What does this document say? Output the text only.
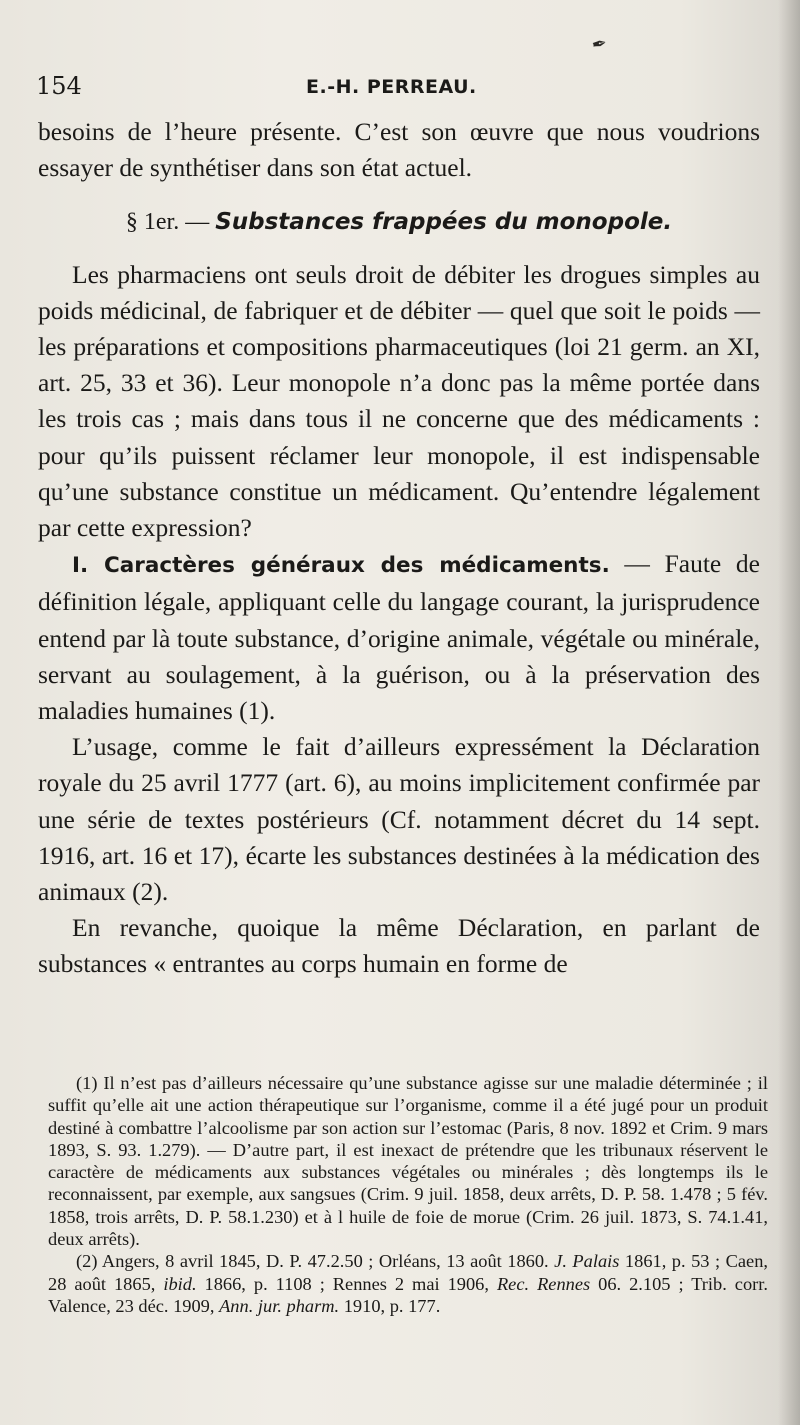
✒
154	E.-H. PERREAU.

besoins de l’heure présente. C’est son œuvre que nous voudrions essayer de synthétiser dans son état actuel.

§ 1er. — Substances frappées du monopole.

Les pharmaciens ont seuls droit de débiter les drogues simples au poids médicinal, de fabriquer et de débiter — quel que soit le poids — les préparations et compositions pharmaceutiques (loi 21 germ. an XI, art. 25, 33 et 36). Leur monopole n’a donc pas la même portée dans les trois cas ; mais dans tous il ne concerne que des médicaments : pour qu’ils puissent réclamer leur monopole, il est indispensable qu’une substance constitue un médicament. Qu’entendre légalement par cette expression?

I. Caractères généraux des médicaments. — Faute de définition légale, appliquant celle du langage courant, la jurisprudence entend par là toute substance, d’origine animale, végétale ou minérale, servant au soulagement, à la guérison, ou à la préservation des maladies humaines (1).

L’usage, comme le fait d’ailleurs expressément la Déclaration royale du 25 avril 1777 (art. 6), au moins implicitement confirmée par une série de textes postérieurs (Cf. notamment décret du 14 sept. 1916, art. 16 et 17), écarte les substances destinées à la médication des animaux (2).

En revanche, quoique la même Déclaration, en parlant de substances « entrantes au corps humain en forme de

(1) Il n’est pas d’ailleurs nécessaire qu’une substance agisse sur une maladie déterminée ; il suffit qu’elle ait une action thérapeutique sur l’organisme, comme il a été jugé pour un produit destiné à combattre l’alcoolisme par son action sur l’estomac (Paris, 8 nov. 1892 et Crim. 9 mars 1893, S. 93. 1.279). — D’autre part, il est inexact de prétendre que les tribunaux réservent le caractère de médicaments aux substances végétales ou minérales ; dès longtemps ils le reconnaissent, par exemple, aux sangsues (Crim. 9 juil. 1858, deux arrêts, D. P. 58. 1.478 ; 5 fév. 1858, trois arrêts, D. P. 58.1.230) et à l huile de foie de morue (Crim. 26 juil. 1873, S. 74.1.41, deux arrêts).

(2) Angers, 8 avril 1845, D. P. 47.2.50 ; Orléans, 13 août 1860. J. Palais 1861, p. 53 ; Caen, 28 août 1865, ibid. 1866, p. 1108 ; Rennes 2 mai 1906, Rec. Rennes 06. 2.105 ; Trib. corr. Valence, 23 déc. 1909, Ann. jur. pharm. 1910, p. 177.
